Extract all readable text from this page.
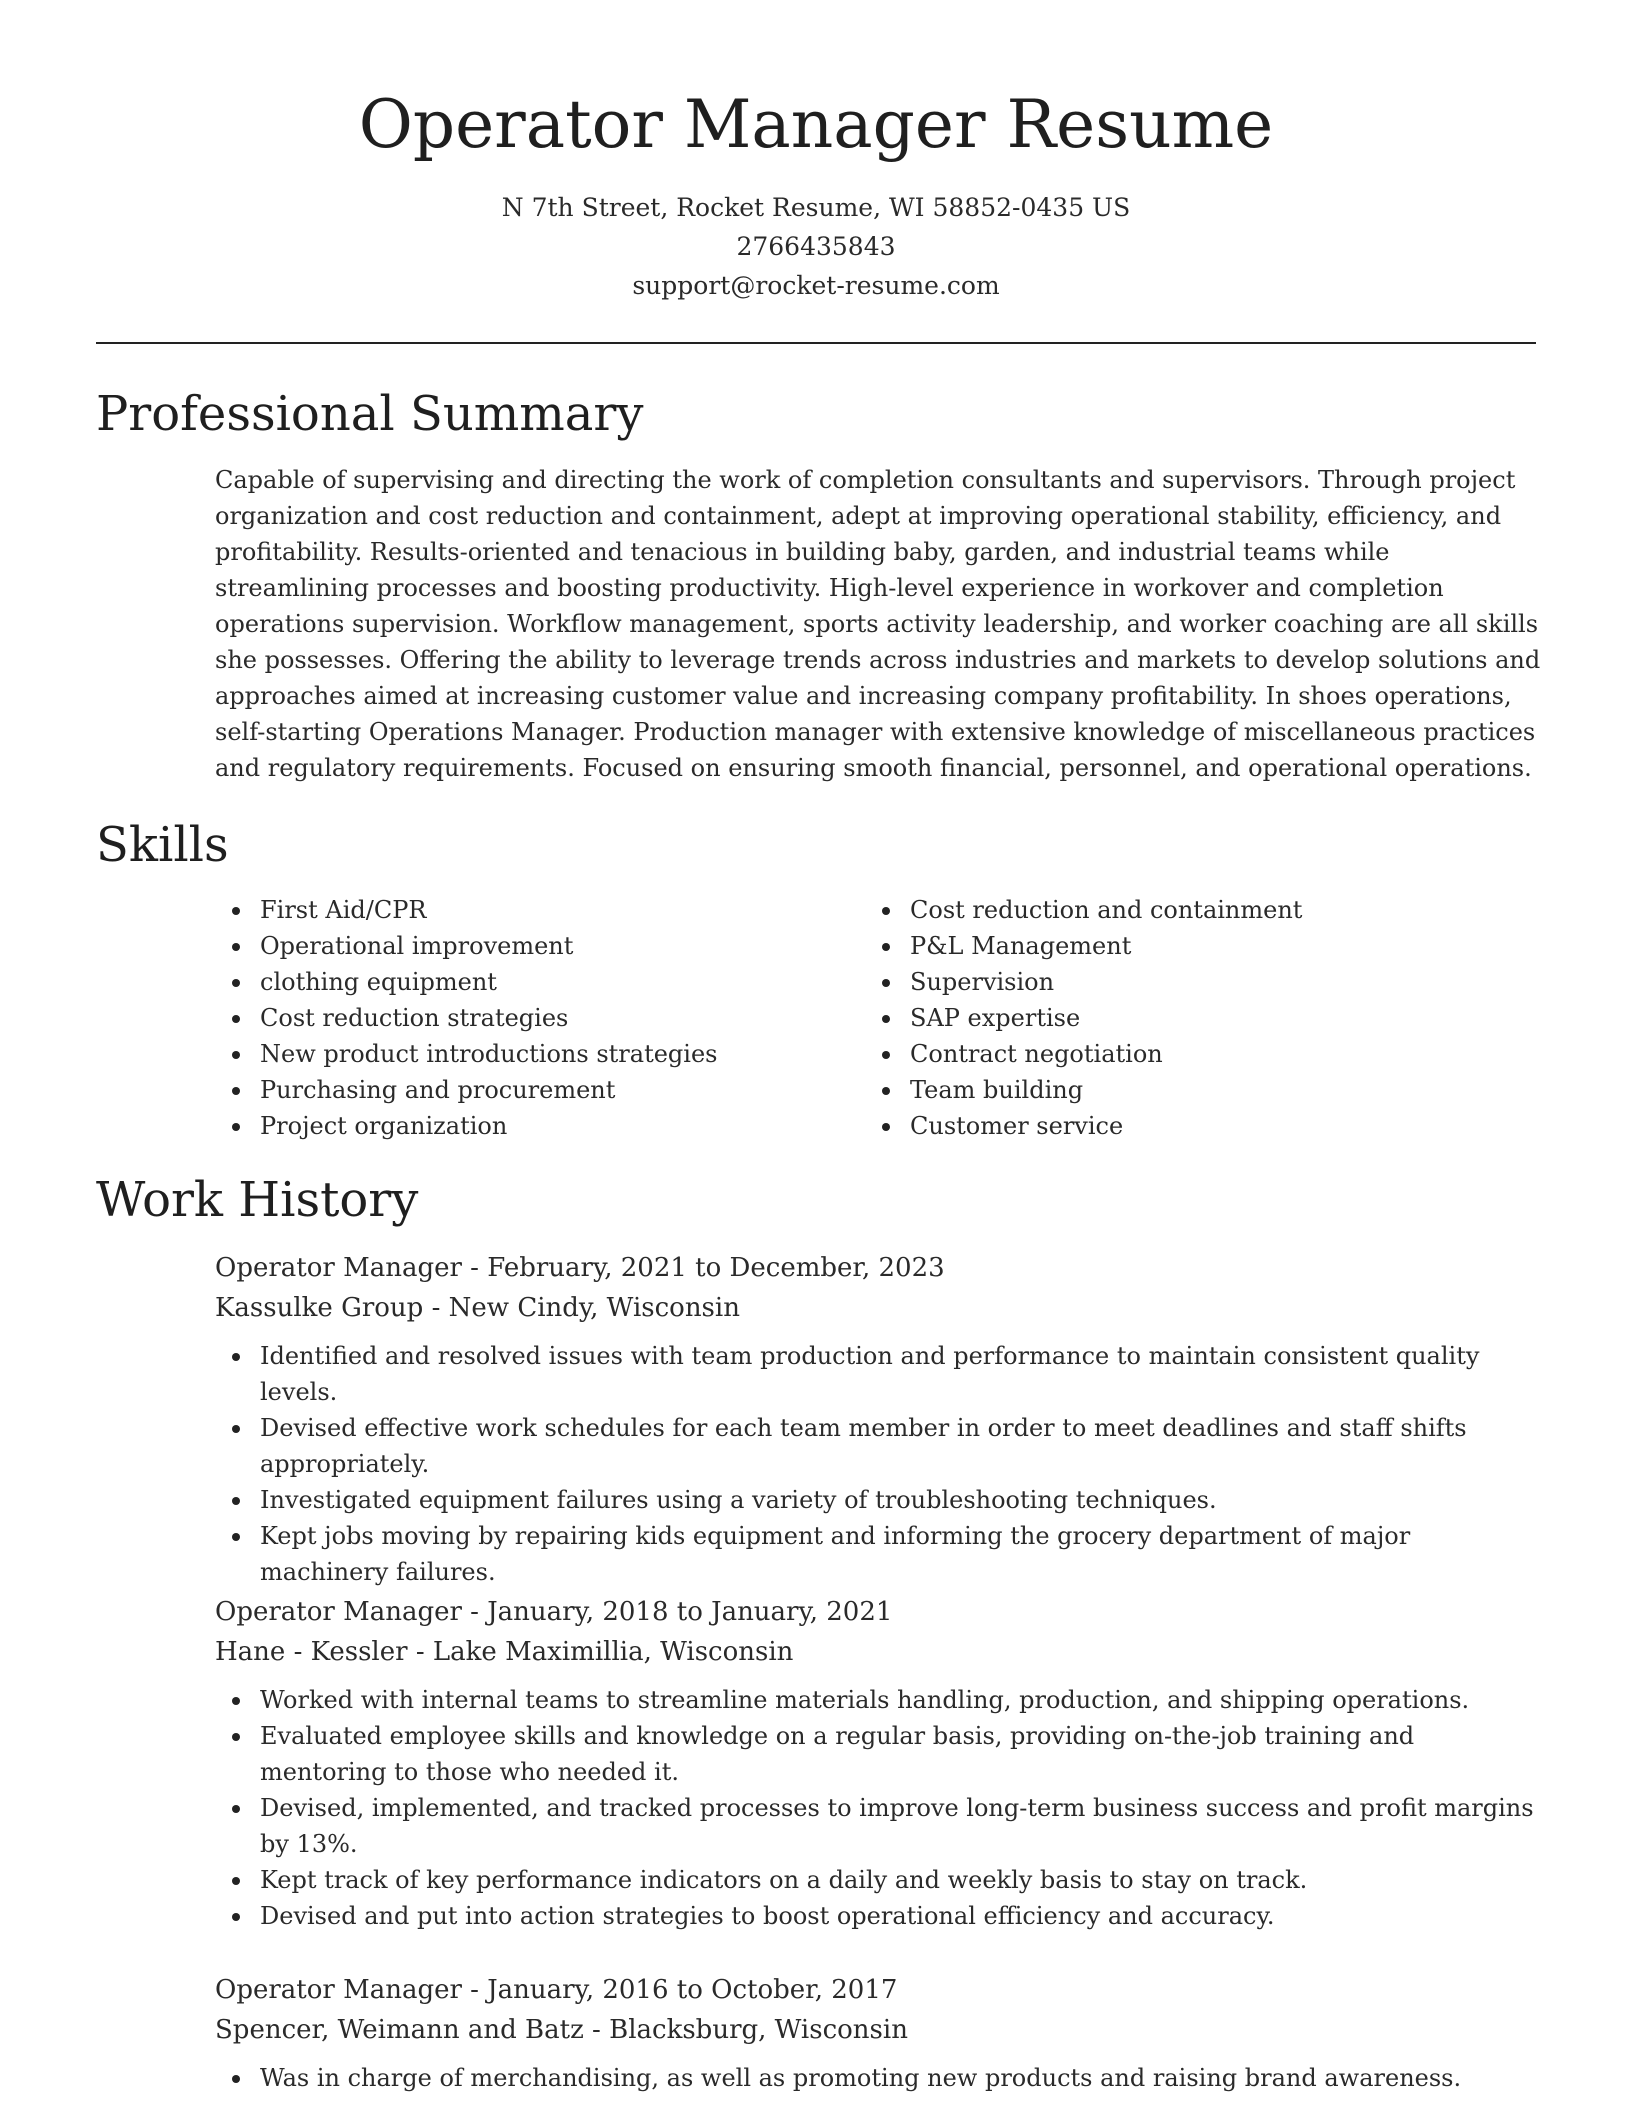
Operator Manager Resume
N 7th Street, Rocket Resume, WI 58852-0435 US
2766435843
support@rocket-resume.com
Professional Summary

Capable of supervising and directing the work of completion consultants and supervisors. Through project organization and cost reduction and containment, adept at improving operational stability, efficiency, and profitability. Results-oriented and tenacious in building baby, garden, and industrial teams while streamlining processes and boosting productivity. High-level experience in workover and completion operations supervision. Workflow management, sports activity leadership, and worker coaching are all skills she possesses. Offering the ability to leverage trends across industries and markets to develop solutions and approaches aimed at increasing customer value and increasing company profitability. In shoes operations, self-starting Operations Manager. Production manager with extensive knowledge of miscellaneous practices and regulatory requirements. Focused on ensuring smooth financial, personnel, and operational operations.

Skills
First Aid/CPR
Operational improvement
clothing equipment
Cost reduction strategies
New product introductions strategies
Purchasing and procurement
Project organization
Cost reduction and containment
P&L Management
Supervision
SAP expertise
Contract negotiation
Team building
Customer service
Work History
Operator Manager - February, 2021 to December, 2023
Kassulke Group - New Cindy, Wisconsin
Identified and resolved issues with team production and performance to maintain consistent quality levels.
Devised effective work schedules for each team member in order to meet deadlines and staff shifts appropriately.
Investigated equipment failures using a variety of troubleshooting techniques.
Kept jobs moving by repairing kids equipment and informing the grocery department of major machinery failures.
Operator Manager - January, 2018 to January, 2021
Hane - Kessler - Lake Maximillia, Wisconsin
Worked with internal teams to streamline materials handling, production, and shipping operations.
Evaluated employee skills and knowledge on a regular basis, providing on-the-job training and mentoring to those who needed it.
Devised, implemented, and tracked processes to improve long-term business success and profit margins by 13%.
Kept track of key performance indicators on a daily and weekly basis to stay on track.
Devised and put into action strategies to boost operational efficiency and accuracy.
Operator Manager - January, 2016 to October, 2017
Spencer, Weimann and Batz - Blacksburg, Wisconsin
Was in charge of merchandising, as well as promoting new products and raising brand awareness.
